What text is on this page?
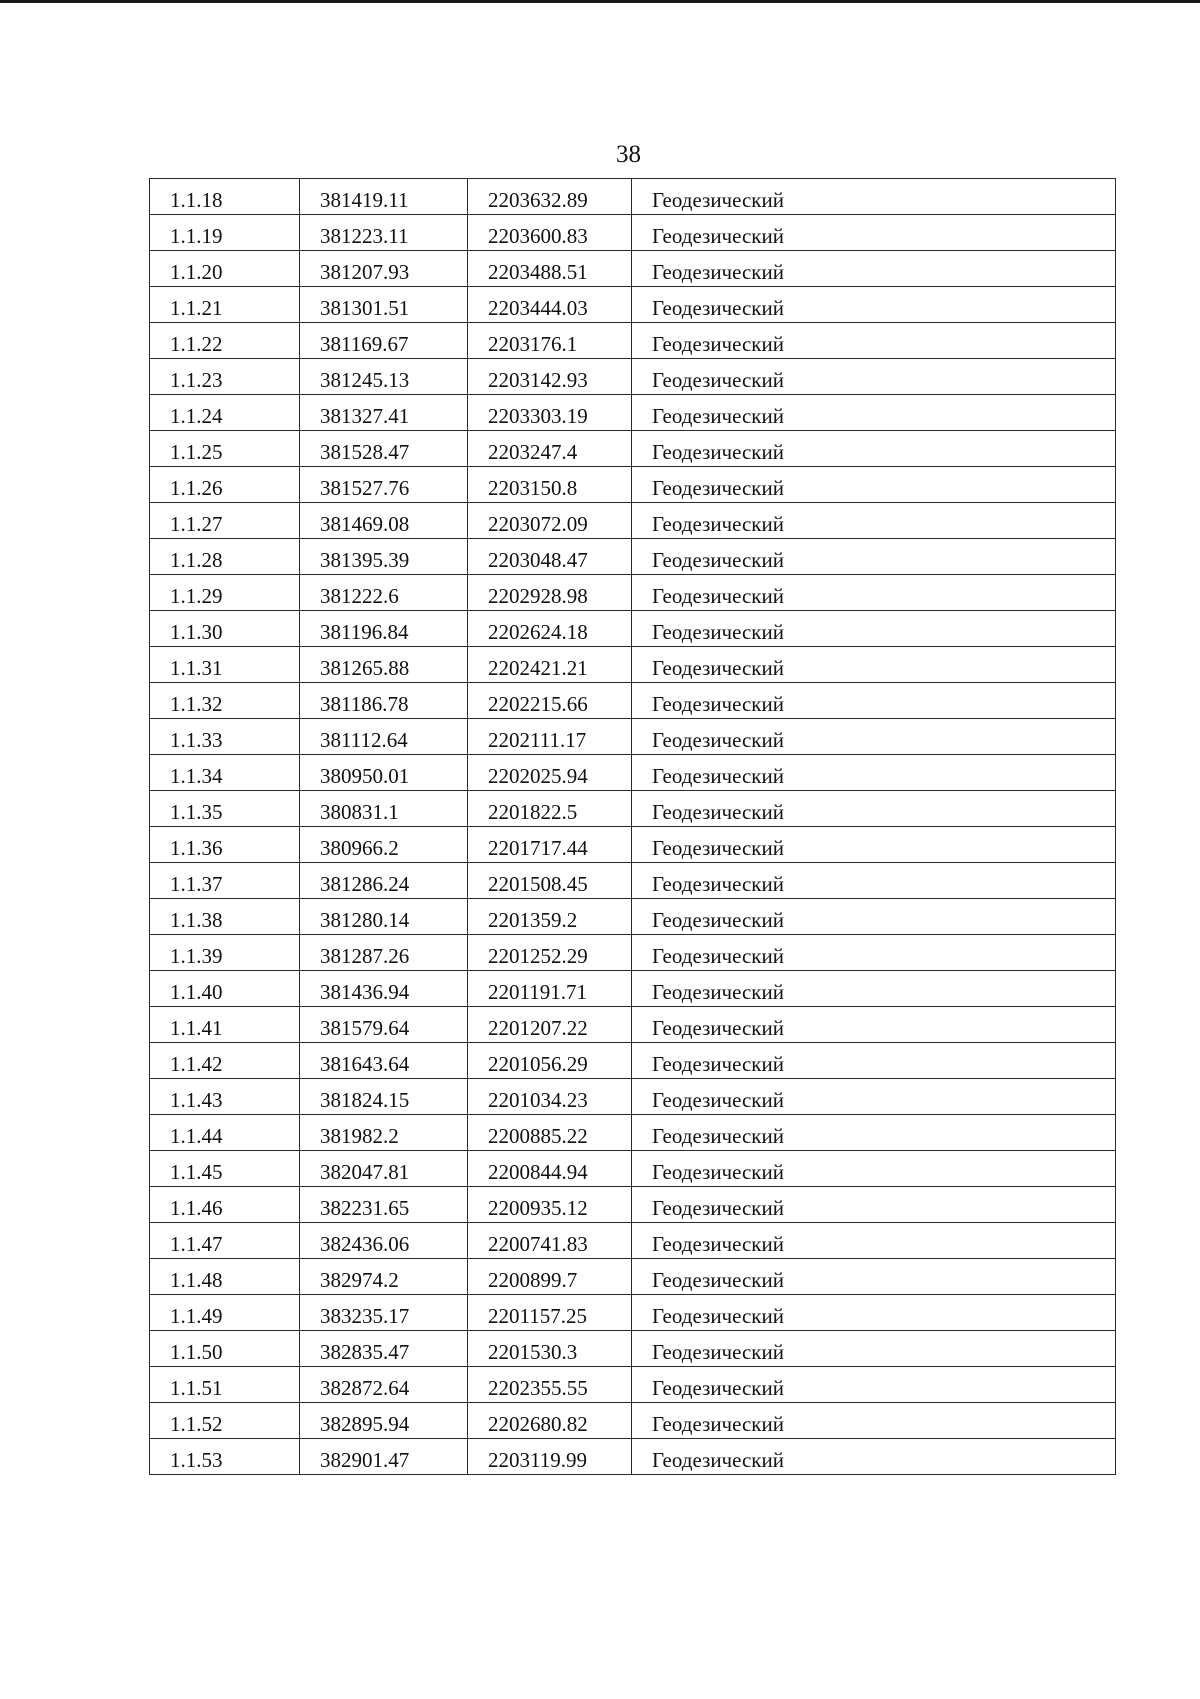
38
1.1.18	381419.11	2203632.89	Геодезический
1.1.19	381223.11	2203600.83	Геодезический
1.1.20	381207.93	2203488.51	Геодезический
1.1.21	381301.51	2203444.03	Геодезический
1.1.22	381169.67	2203176.1	Геодезический
1.1.23	381245.13	2203142.93	Геодезический
1.1.24	381327.41	2203303.19	Геодезический
1.1.25	381528.47	2203247.4	Геодезический
1.1.26	381527.76	2203150.8	Геодезический
1.1.27	381469.08	2203072.09	Геодезический
1.1.28	381395.39	2203048.47	Геодезический
1.1.29	381222.6	2202928.98	Геодезический
1.1.30	381196.84	2202624.18	Геодезический
1.1.31	381265.88	2202421.21	Геодезический
1.1.32	381186.78	2202215.66	Геодезический
1.1.33	381112.64	2202111.17	Геодезический
1.1.34	380950.01	2202025.94	Геодезический
1.1.35	380831.1	2201822.5	Геодезический
1.1.36	380966.2	2201717.44	Геодезический
1.1.37	381286.24	2201508.45	Геодезический
1.1.38	381280.14	2201359.2	Геодезический
1.1.39	381287.26	2201252.29	Геодезический
1.1.40	381436.94	2201191.71	Геодезический
1.1.41	381579.64	2201207.22	Геодезический
1.1.42	381643.64	2201056.29	Геодезический
1.1.43	381824.15	2201034.23	Геодезический
1.1.44	381982.2	2200885.22	Геодезический
1.1.45	382047.81	2200844.94	Геодезический
1.1.46	382231.65	2200935.12	Геодезический
1.1.47	382436.06	2200741.83	Геодезический
1.1.48	382974.2	2200899.7	Геодезический
1.1.49	383235.17	2201157.25	Геодезический
1.1.50	382835.47	2201530.3	Геодезический
1.1.51	382872.64	2202355.55	Геодезический
1.1.52	382895.94	2202680.82	Геодезический
1.1.53	382901.47	2203119.99	Геодезический
